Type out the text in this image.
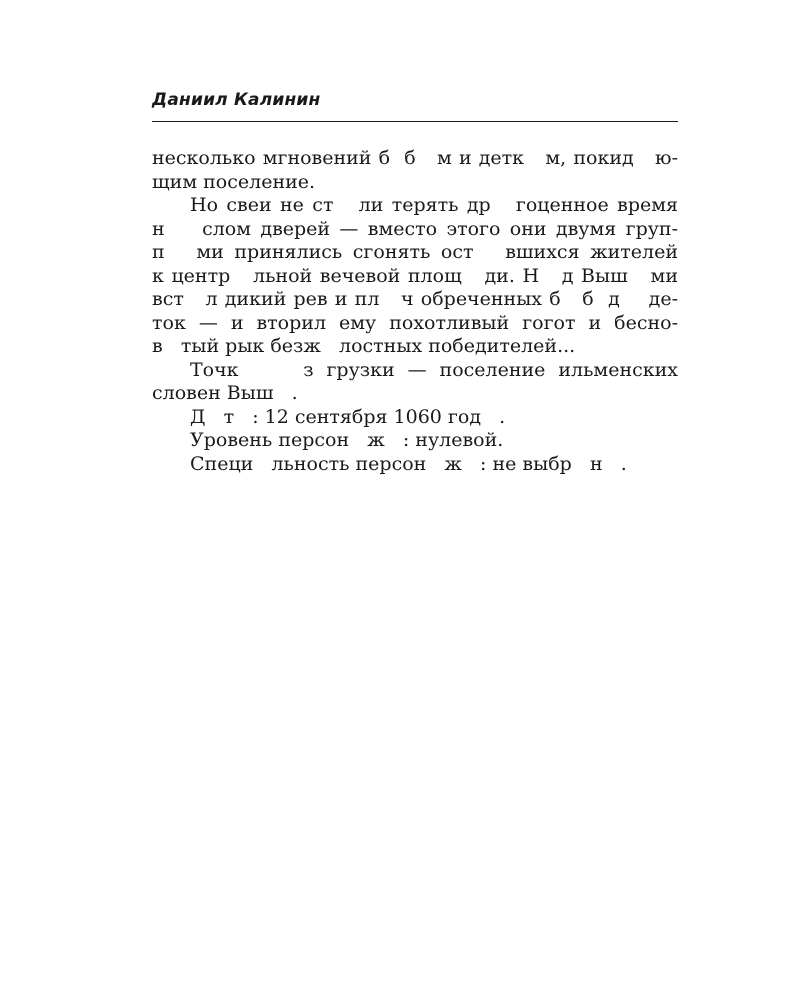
Даниил Калинин
несколько мгновений б  б   м и детк   м, покид   ю-
щим поселение.
Но свеи не ст   ли терять др   гоценное время
н    слом дверей — вместо этого они двумя груп-
п   ми принялись сгонять ост   вшихся жителей
к центр   льной вечевой площ   ди. Н   д Выш   ми
вст   л дикий рев и пл   ч обреченных б   б  д    де-
ток — и вторил ему похотливый гогот и бесно-
в   тый рык безж   лостных победителей...
Точк     з грузки — поселение ильменских
словен Выш   .
Д   т   : 12 сентября 1060 год   .
Уровень персон   ж   : нулевой.
Специ   льность персон   ж   : не выбр   н   .
